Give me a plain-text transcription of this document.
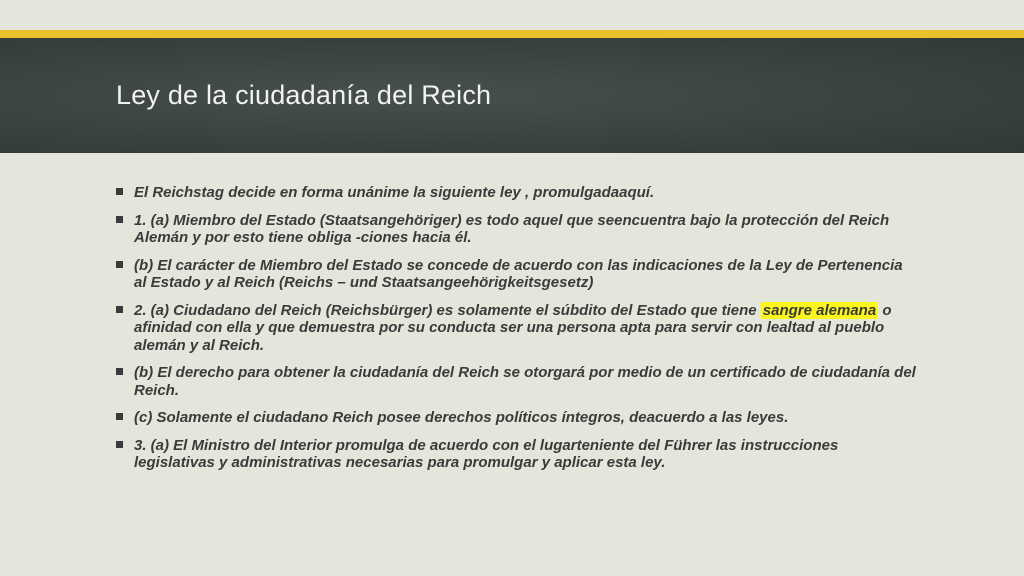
Ley de la ciudadanía del Reich
El Reichstag decide en forma unánime la siguiente ley , promulgadaaquí.
1. (a) Miembro del Estado (Staatsangehöriger) es todo aquel que seencuentra bajo la protección del Reich Alemán y por esto tiene obliga -ciones hacia él.
(b) El carácter de Miembro del Estado se concede de acuerdo con las indicaciones de la Ley de Pertenencia al Estado y al Reich (Reichs – und Staatsangeehörigkeitsgesetz)
2. (a) Ciudadano del Reich (Reichsbürger) es solamente el súbdito del Estado que tiene sangre alemana o afinidad con ella y que demuestra por su conducta ser una persona apta para servir con lealtad al pueblo alemán y al Reich.
(b) El derecho para obtener la ciudadanía del Reich se otorgará por medio de un certificado de ciudadanía del Reich.
(c) Solamente el ciudadano Reich posee derechos políticos íntegros, deacuerdo a las leyes.
3. (a) El Ministro del Interior promulga de acuerdo con el lugarteniente del Führer las instrucciones legislativas y administrativas necesarias para promulgar y aplicar esta ley.
